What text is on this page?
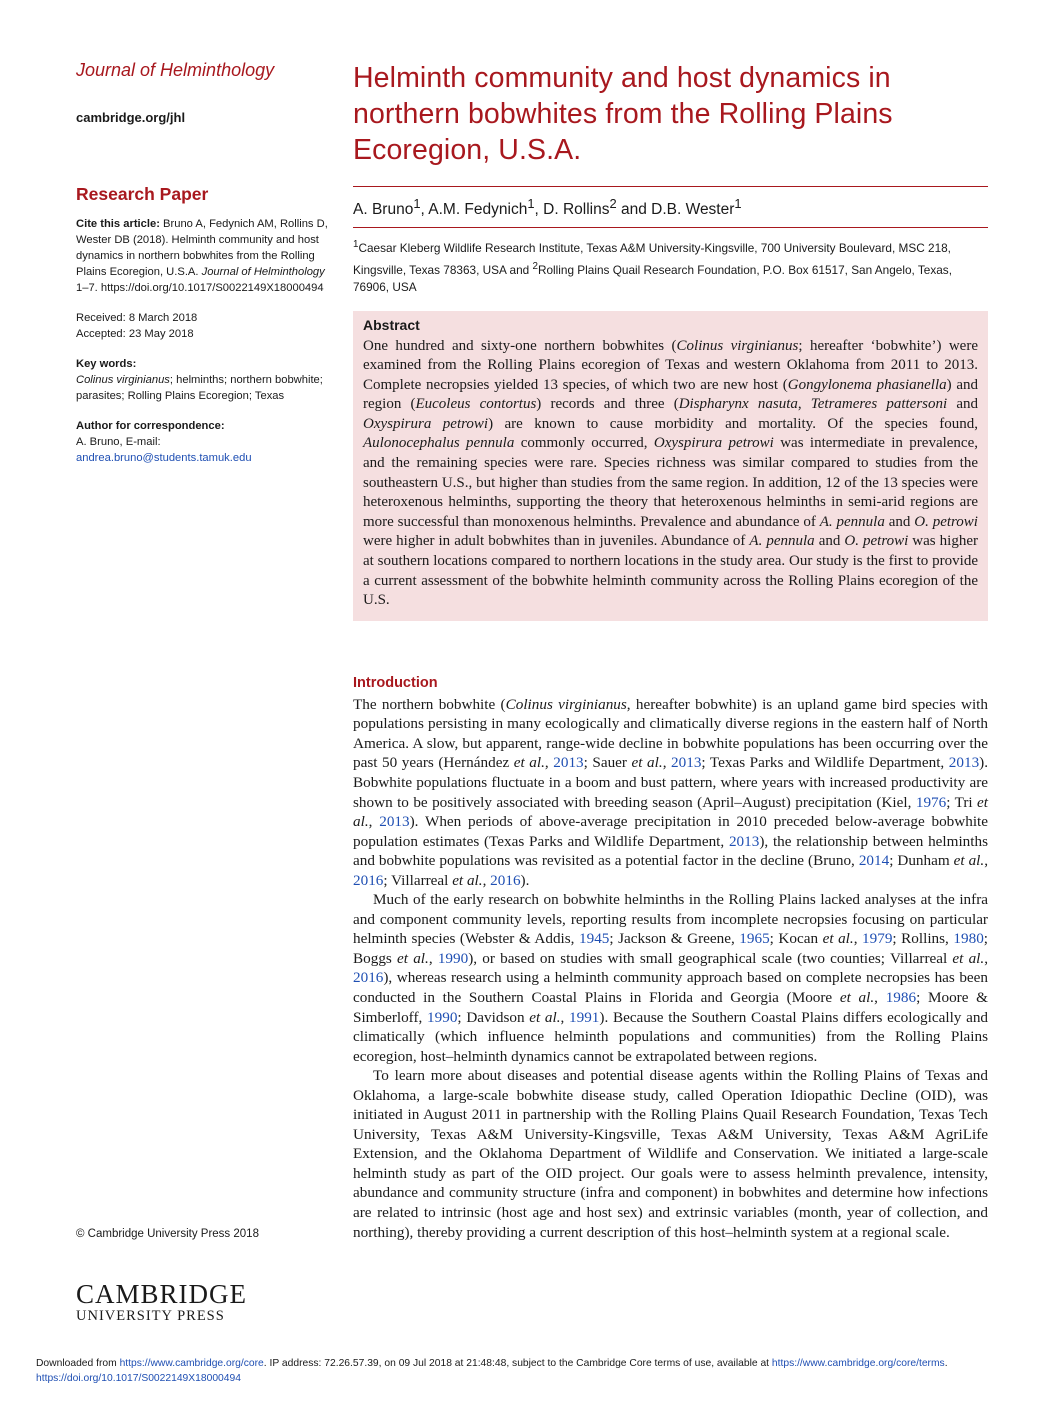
Journal of Helminthology
cambridge.org/jhl
Research Paper
Cite this article: Bruno A, Fedynich AM, Rollins D, Wester DB (2018). Helminth community and host dynamics in northern bobwhites from the Rolling Plains Ecoregion, U.S.A. Journal of Helminthology 1–7. https://doi.org/10.1017/S0022149X18000494
Received: 8 March 2018
Accepted: 23 May 2018
Key words:
Colinus virginianus; helminths; northern bobwhite; parasites; Rolling Plains Ecoregion; Texas
Author for correspondence:
A. Bruno, E-mail: andrea.bruno@students.tamuk.edu
© Cambridge University Press 2018
CAMBRIDGE
UNIVERSITY PRESS
Helminth community and host dynamics in northern bobwhites from the Rolling Plains Ecoregion, U.S.A.
A. Bruno$^1$, A.M. Fedynich$^1$, D. Rollins$^2$ and D.B. Wester$^1$
$^1$Caesar Kleberg Wildlife Research Institute, Texas A&M University-Kingsville, 700 University Boulevard, MSC 218, Kingsville, Texas 78363, USA and $^2$Rolling Plains Quail Research Foundation, P.O. Box 61517, San Angelo, Texas, 76906, USA
Abstract
One hundred and sixty-one northern bobwhites (Colinus virginianus; hereafter ‘bobwhite’) were examined from the Rolling Plains ecoregion of Texas and western Oklahoma from 2011 to 2013. Complete necropsies yielded 13 species, of which two are new host (Gongylonema phasianella) and region (Eucoleus contortus) records and three (Dispharynx nasuta, Tetrameres pattersoni and Oxyspirura petrowi) are known to cause morbidity and mortality. Of the species found, Aulonocephalus pennula commonly occurred, Oxyspirura petrowi was intermediate in prevalence, and the remaining species were rare. Species richness was similar compared to studies from the southeastern U.S., but higher than studies from the same region. In addition, 12 of the 13 species were heteroxenous helminths, supporting the theory that heteroxenous helminths in semi-arid regions are more successful than monoxenous helminths. Prevalence and abundance of A. pennula and O. petrowi were higher in adult bobwhites than in juveniles. Abundance of A. pennula and O. petrowi was higher at southern locations compared to northern locations in the study area. Our study is the first to provide a current assessment of the bobwhite helminth community across the Rolling Plains ecoregion of the U.S.
Introduction

The northern bobwhite (Colinus virginianus, hereafter bobwhite) is an upland game bird species with populations persisting in many ecologically and climatically diverse regions in the eastern half of North America. A slow, but apparent, range-wide decline in bobwhite populations has been occurring over the past 50 years (Hernández et al., 2013; Sauer et al., 2013; Texas Parks and Wildlife Department, 2013). Bobwhite populations fluctuate in a boom and bust pattern, where years with increased productivity are shown to be positively associated with breeding season (April–August) precipitation (Kiel, 1976; Tri et al., 2013). When periods of above-average precipitation in 2010 preceded below-average bobwhite population estimates (Texas Parks and Wildlife Department, 2013), the relationship between helminths and bobwhite populations was revisited as a potential factor in the decline (Bruno, 2014; Dunham et al., 2016; Villarreal et al., 2016).

Much of the early research on bobwhite helminths in the Rolling Plains lacked analyses at the infra and component community levels, reporting results from incomplete necropsies focusing on particular helminth species (Webster & Addis, 1945; Jackson & Greene, 1965; Kocan et al., 1979; Rollins, 1980; Boggs et al., 1990), or based on studies with small geographical scale (two counties; Villarreal et al., 2016), whereas research using a helminth community approach based on complete necropsies has been conducted in the Southern Coastal Plains in Florida and Georgia (Moore et al., 1986; Moore & Simberloff, 1990; Davidson et al., 1991). Because the Southern Coastal Plains differs ecologically and climatically (which influence helminth populations and communities) from the Rolling Plains ecoregion, host–helminth dynamics cannot be extrapolated between regions.

To learn more about diseases and potential disease agents within the Rolling Plains of Texas and Oklahoma, a large-scale bobwhite disease study, called Operation Idiopathic Decline (OID), was initiated in August 2011 in partnership with the Rolling Plains Quail Research Foundation, Texas Tech University, Texas A&M University-Kingsville, Texas A&M University, Texas A&M AgriLife Extension, and the Oklahoma Department of Wildlife and Conservation. We initiated a large-scale helminth study as part of the OID project. Our goals were to assess helminth prevalence, intensity, abundance and community structure (infra and component) in bobwhites and determine how infections are related to intrinsic (host age and host sex) and extrinsic variables (month, year of collection, and northing), thereby providing a current description of this host–helminth system at a regional scale.

Downloaded from https://www.cambridge.org/core. IP address: 72.26.57.39, on 09 Jul 2018 at 21:48:48, subject to the Cambridge Core terms of use, available at https://www.cambridge.org/core/terms.
https://doi.org/10.1017/S0022149X18000494
